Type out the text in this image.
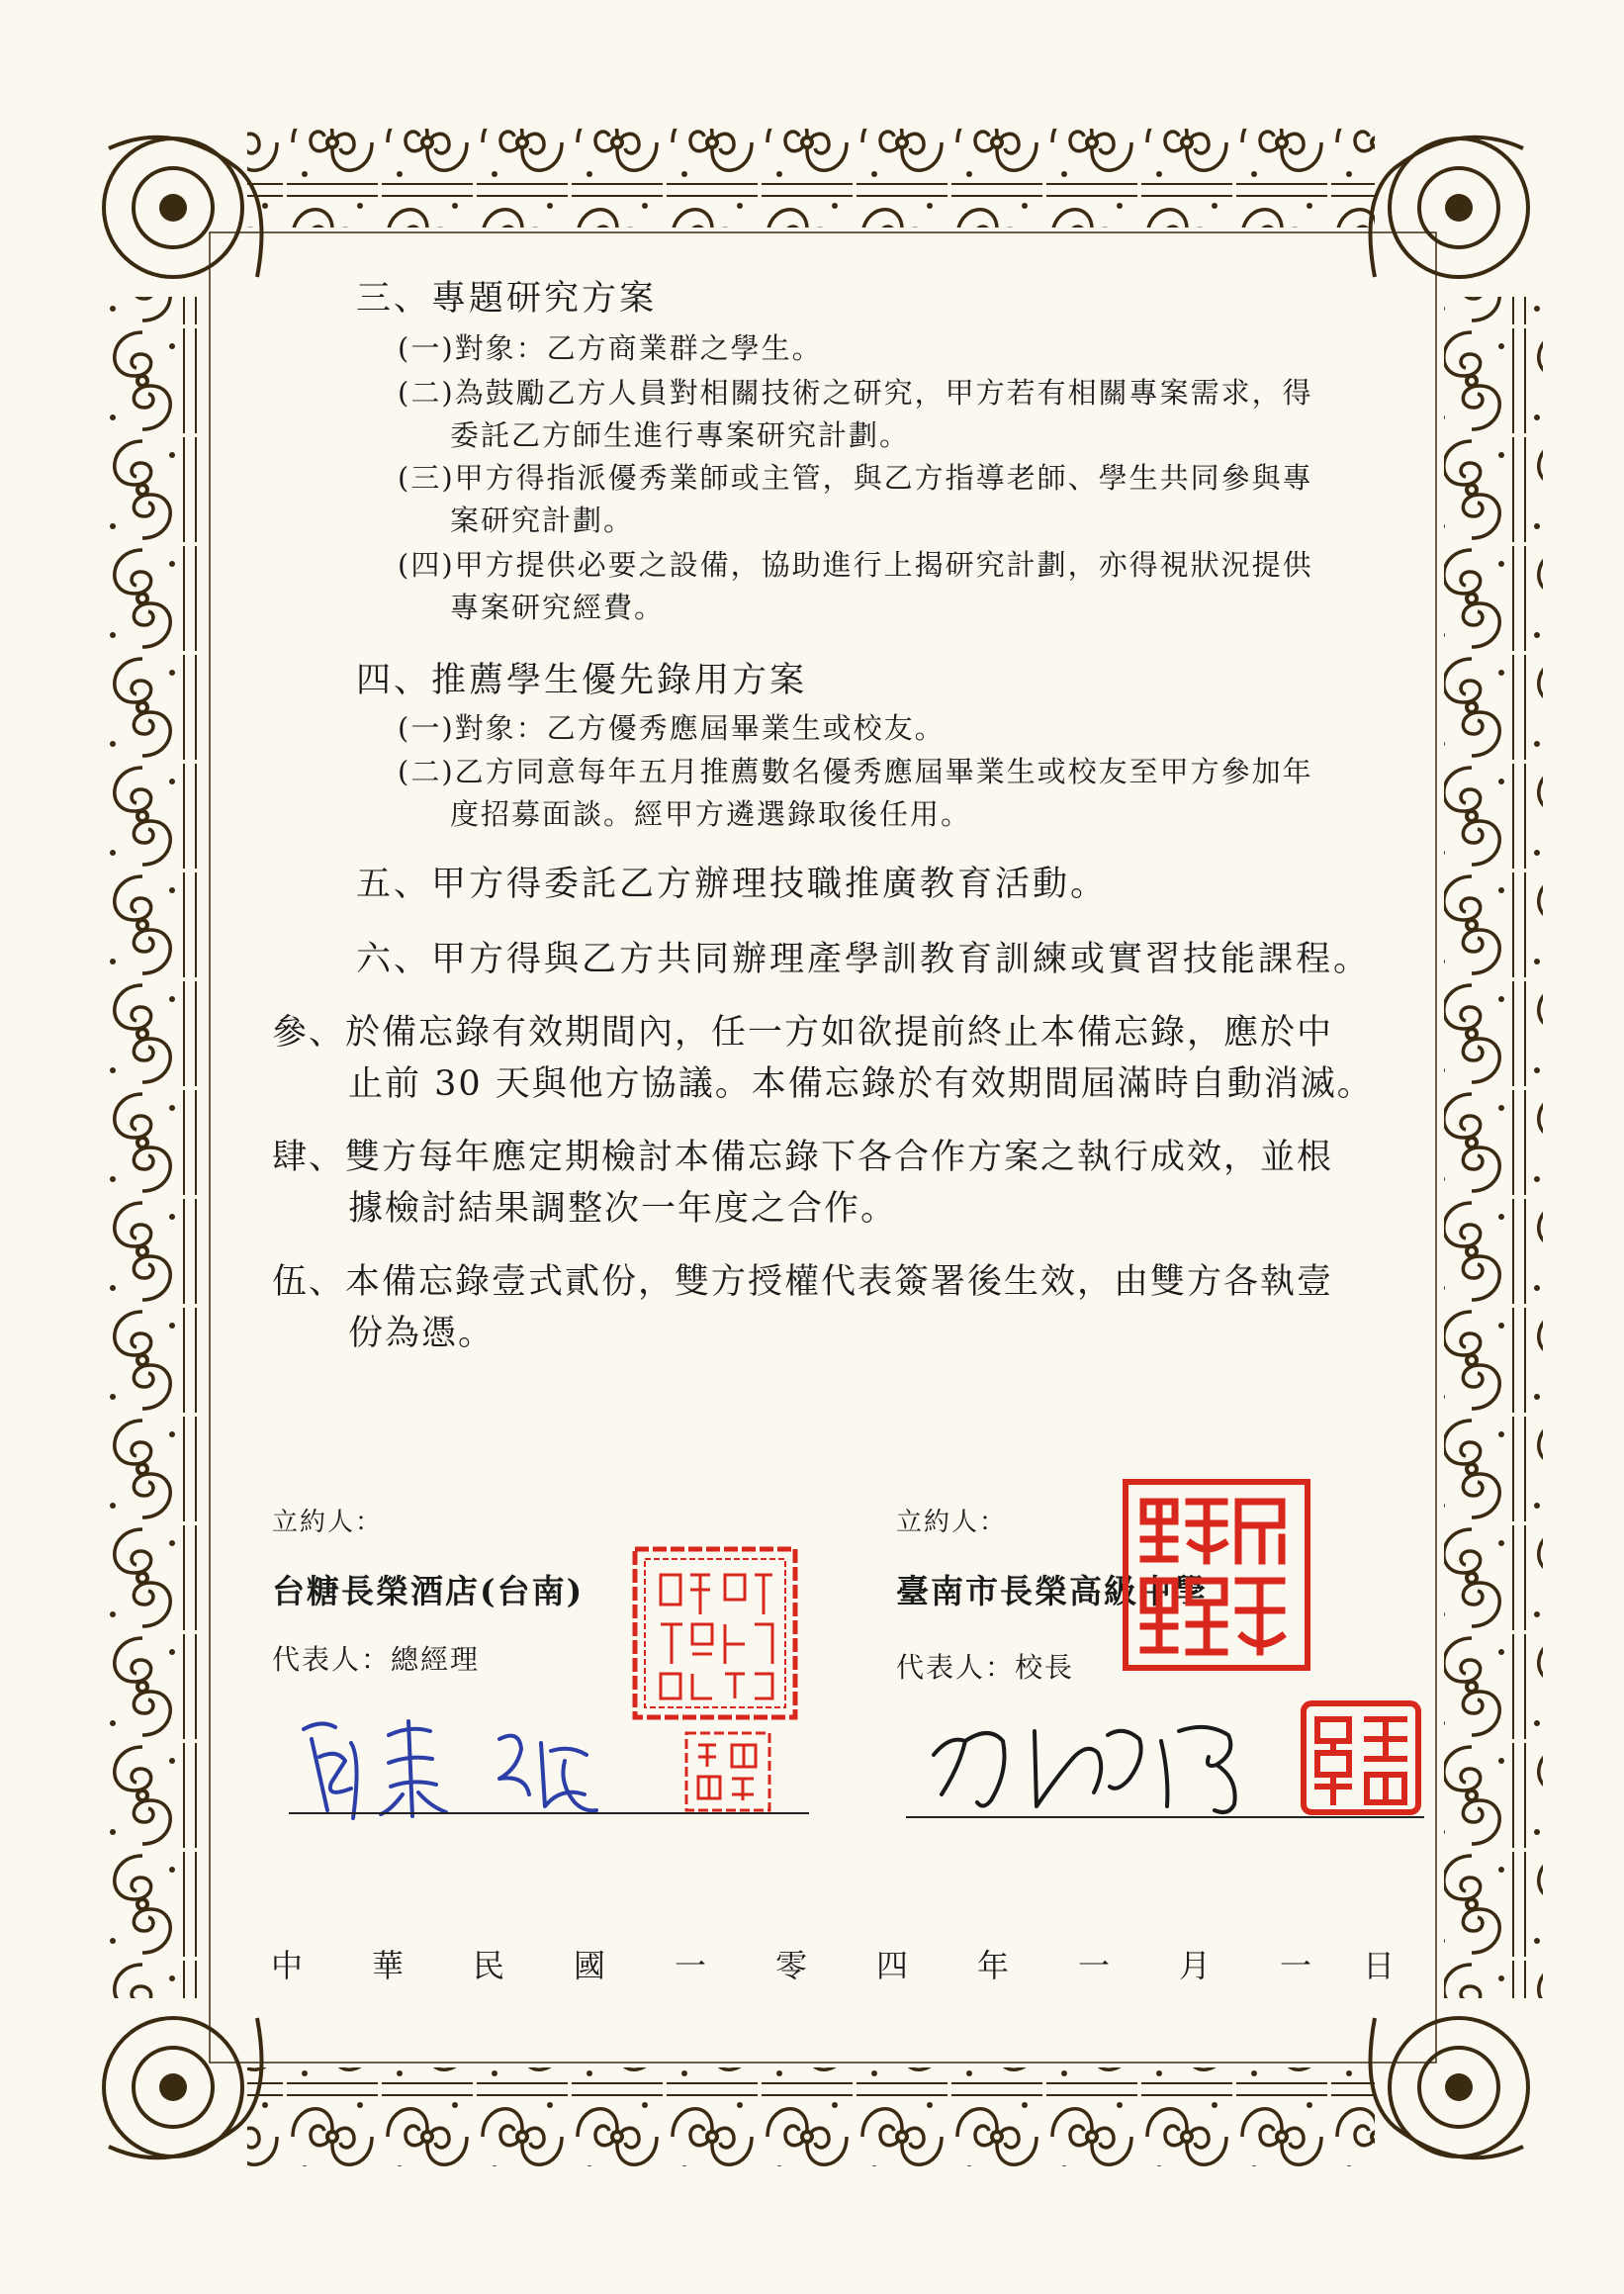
三、專題研究方案
(一)對象：乙方商業群之學生。
(二)為鼓勵乙方人員對相關技術之研究，甲方若有相關專案需求，得
委託乙方師生進行專案研究計劃。
(三)甲方得指派優秀業師或主管，與乙方指導老師、學生共同參與專
案研究計劃。
(四)甲方提供必要之設備，協助進行上揭研究計劃，亦得視狀況提供
專案研究經費。
四、推薦學生優先錄用方案
(一)對象：乙方優秀應屆畢業生或校友。
(二)乙方同意每年五月推薦數名優秀應屆畢業生或校友至甲方參加年
度招募面談。經甲方遴選錄取後任用。
五、甲方得委託乙方辦理技職推廣教育活動。
六、甲方得與乙方共同辦理產學訓教育訓練或實習技能課程。
參、於備忘錄有效期間內，任一方如欲提前終止本備忘錄，應於中
止前 30 天與他方協議。本備忘錄於有效期間屆滿時自動消滅。
肆、雙方每年應定期檢討本備忘錄下各合作方案之執行成效，並根
據檢討結果調整次一年度之合作。
伍、本備忘錄壹式貳份，雙方授權代表簽署後生效，由雙方各執壹
份為憑。
立約人：
台糖長榮酒店(台南)
代表人：總經理
立約人：
臺南市長榮高級中學
代表人：校長
中 華 民 國 一 零 四 年 一 月 一 日
